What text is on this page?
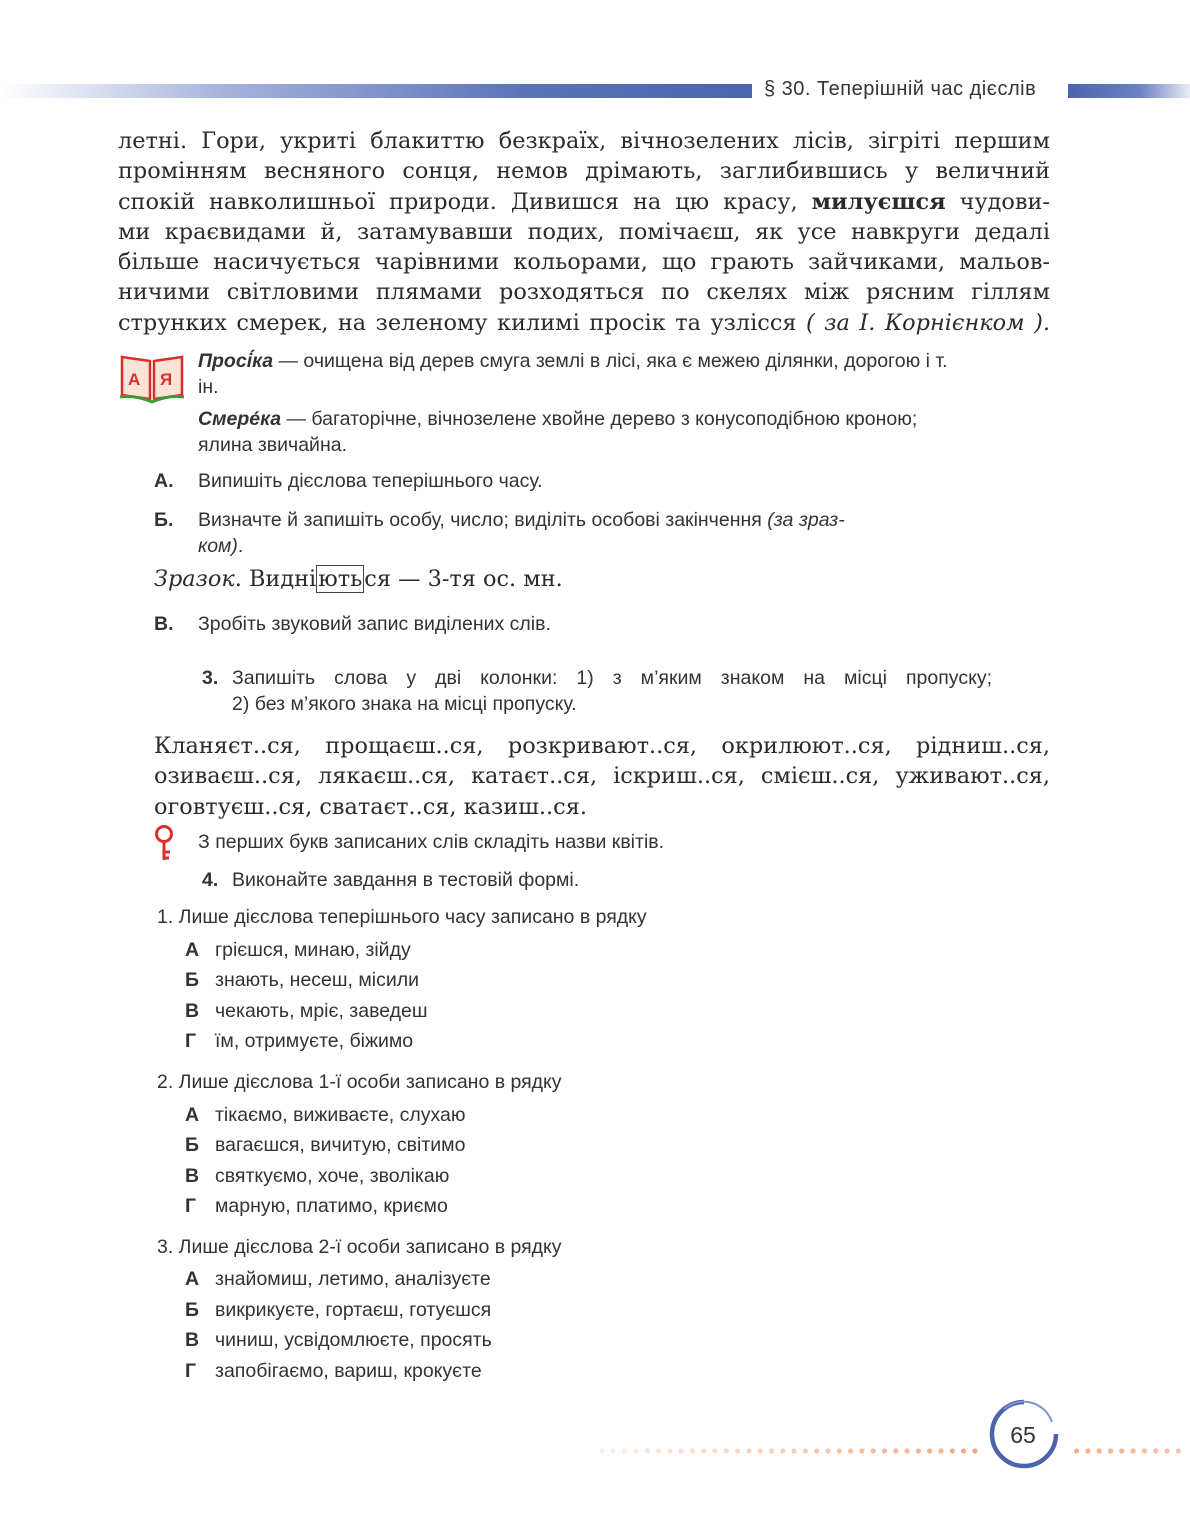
§ 30. Теперішній час дієслів
летні. Гори, укриті блакиттю безкраїх, вічнозелених лісів, зігріті першим
промінням весняного сонця, немов дрімають, заглибившись у величний
спокій навколишньої природи. Дивишся на цю красу, милуєшся чудови-
ми краєвидами й, затамувавши подих, помічаєш, як усе навкруги дедалі
більше насичується чарівними кольорами, що грають зайчиками, мальов-
ничими світловими плямами розходяться по скелях між рясним гіллям
струнких смерек, на зеленому килимі просік та узлісся ( за І. Корнієнком ).
А Я
Просі́ка — очищена від дерев смуга землі в лісі, яка є межею ділянки, дорогою і т. ін.
Смере́ка — багаторічне, вічнозелене хвойне дерево з конусоподібною кроною; ялина звичайна.
А. Випишіть дієслова теперішнього часу.
Б. Визначте й запишіть особу, число; виділіть особові закінчення (за зраз-
ком).
Зразок. Видніються — 3-тя ос. мн.
В. Зробіть звуковий запис виділених слів.
3. Запишіть слова у дві колонки: 1) з м’яким знаком на місці пропуску;
2) без м’якого знака на місці пропуску.
Кланяєт..ся, прощаєш..ся, розкривают..ся, окрилюют..ся, рідниш..ся,
озиваєш..ся, лякаєш..ся, катаєт..ся, іскриш..ся, смієш..ся, уживают..ся,
оговтуєш..ся, сватаєт..ся, казиш..ся.
З перших букв записаних слів складіть назви квітів.
4. Виконайте завдання в тестовій формі.
1. Лише дієслова теперішнього часу записано в рядку
А грієшся, минаю, зійду
Б знають, несеш, місили
В чекають, мріє, заведеш
Г їм, отримуєте, біжимо
2. Лише дієслова 1-ї особи записано в рядку
А тікаємо, виживаєте, слухаю
Б вагаєшся, вичитую, світимо
В святкуємо, хоче, зволікаю
Г марную, платимо, криємо
3. Лише дієслова 2-ї особи записано в рядку
А знайомиш, летимо, аналізуєте
Б викрикуєте, гортаєш, готуєшся
В чиниш, усвідомлюєте, просять
Г запобігаємо, вариш, крокуєте
65
